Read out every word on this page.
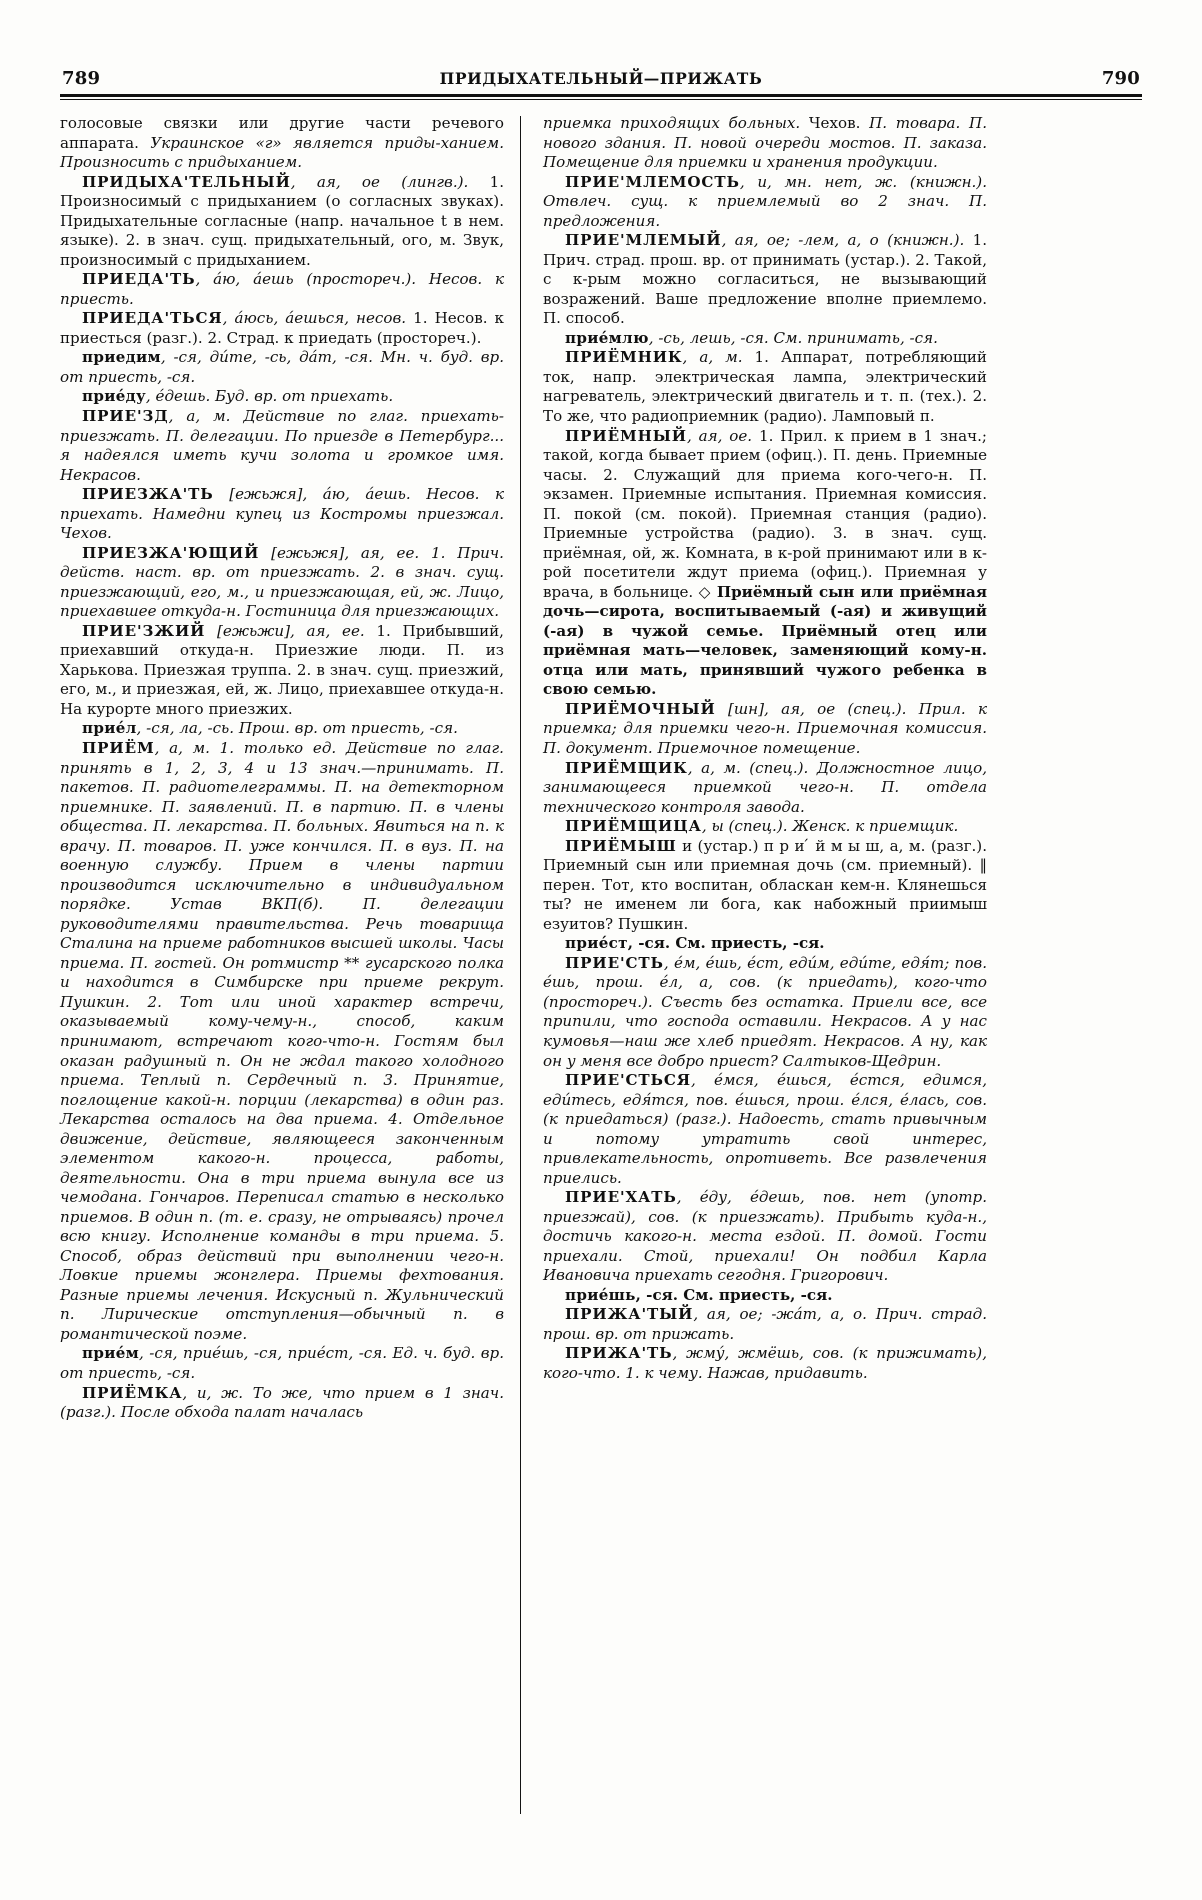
789	ПРИДЫХАТЕЛЬНЫЙ—ПРИЖАТЬ	790

голосовые связки или другие части речевого аппарата. Украинское «г» является приды-ханием. Произносить с придыханием.

ПРИДЫХА'ТЕЛЬНЫЙ, ая, ое (лингв.). 1. Произносимый с придыханием (о согласных звуках). Придыхательные согласные (напр. начальное t в нем. языке). 2. в знач. сущ. придыхательный, ого, м. Звук, произносимый с придыханием.

ПРИЕДА'ТЬ, áю, áешь (простореч.). Несов. к приесть.

ПРИЕДА'ТЬСЯ, áюсь, áешься, несов. 1. Несов. к приесться (разг.). 2. Страд. к приедать (простореч.).

приедим, -ся, дúте, -сь, дáт, -ся. Мн. ч. буд. вр. от приесть, -ся.

приéду, éдешь. Буд. вр. от приехать.

ПРИЕ'ЗД, а, м. Действие по глаг. приехать-приезжать. П. делегации. По приезде в Петербург... я надеялся иметь кучи золота и громкое имя. Некрасов.

ПРИЕЗЖА'ТЬ [ежьжя], áю, áешь. Несов. к приехать. Намедни купец из Костромы приезжал. Чехов.

ПРИЕЗЖА'ЮЩИЙ [ежьжя], ая, ее. 1. Прич. действ. наст. вр. от приезжать. 2. в знач. сущ. приезжающий, его, м., и приезжающая, ей, ж. Лицо, приехавшее откуда-н. Гостиница для приезжающих.

ПРИЕ'ЗЖИЙ [ежьжи], ая, ее. 1. Прибывший, приехавший откуда-н. Приезжие люди. П. из Харькова. Приезжая труппа. 2. в знач. сущ. приезжий, его, м., и приезжая, ей, ж. Лицо, приехавшее откуда-н. На курорте много приезжих.

приéл, -ся, ла, -сь. Прош. вр. от приесть, -ся.

ПРИЁМ, а, м. 1. только ед. Действие по глаг. принять в 1, 2, 3, 4 и 13 знач.—принимать. П. пакетов. П. радиотелеграммы. П. на детекторном приемнике. П. заявлений. П. в партию. П. в члены общества. П. лекарства. П. больных. Явиться на п. к врачу. П. товаров. П. уже кончился. П. в вуз. П. на военную службу. Прием в члены партии производится исключительно в индивидуальном порядке. Устав ВКП(б). П. делегации руководителями правительства. Речь товарища Сталина на приеме работников высшей школы. Часы приема. П. гостей. Он ротмистр ** гусарского полка и находится в Симбирске при приеме рекрут. Пушкин. 2. Тот или иной характер встречи, оказываемый кому-чему-н., способ, каким принимают, встречают кого-что-н. Гостям был оказан радушный п. Он не ждал такого холодного приема. Теплый п. Сердечный п. 3. Принятие, поглощение какой-н. порции (лекарства) в один раз. Лекарства осталось на два приема. 4. Отдельное движение, действие, являющееся законченным элементом какого-н. процесса, работы, деятельности. Она в три приема вынула все из чемодана. Гончаров. Переписал статью в несколько приемов. В один п. (т. е. сразу, не отрываясь) прочел всю книгу. Исполнение команды в три приема. 5. Способ, образ действий при выполнении чего-н. Ловкие приемы жонглера. Приемы фехтования. Разные приемы лечения. Искусный п. Жульнический п. Лирические отступления—обычный п. в романтической поэме.

приéм, -ся, приéшь, -ся, приéст, -ся. Ед. ч. буд. вр. от приесть, -ся.

ПРИЁМКА, и, ж. То же, что прием в 1 знач. (разг.). После обхода палат началась

приемка приходящих больных. Чехов. П. товара. П. нового здания. П. новой очереди мостов. П. заказа. Помещение для приемки и хранения продукции.

ПРИЕ'МЛЕМОСТЬ, и, мн. нет, ж. (книжн.). Отвлеч. сущ. к приемлемый во 2 знач. П. предложения.

ПРИЕ'МЛЕМЫЙ, ая, ое; -лем, а, о (книжн.). 1. Прич. страд. прош. вр. от принимать (устар.). 2. Такой, с к-рым можно согласиться, не вызывающий возражений. Ваше предложение вполне приемлемо. П. способ.

приéмлю, -сь, лешь, -ся. См. принимать, -ся.

ПРИЁМНИК, а, м. 1. Аппарат, потребляющий ток, напр. электрическая лампа, электрический нагреватель, электрический двигатель и т. п. (тех.). 2. То же, что радиоприемник (радио). Ламповый п.

ПРИЁМНЫЙ, ая, ое. 1. Прил. к прием в 1 знач.; такой, когда бывает прием (офиц.). П. день. Приемные часы. 2. Служащий для приема кого-чего-н. П. экзамен. Приемные испытания. Приемная комиссия. П. покой (см. покой). Приемная станция (радио). Приемные устройства (радио). 3. в знач. сущ. приёмная, ой, ж. Комната, в к-рой принимают или в к-рой посетители ждут приема (офиц.). Приемная у врача, в больнице. ◇ Приёмный сын или приёмная дочь—сирота, воспитываемый (-ая) и живущий (-ая) в чужой семье. Приёмный отец или приёмная мать—человек, заменяющий кому-н. отца или мать, принявший чужого ребенка в свою семью.

ПРИЁМОЧНЫЙ [шн], ая, ое (спец.). Прил. к приемка; для приемки чего-н. Приемочная комиссия. П. документ. Приемочное помещение.

ПРИЁМЩИК, а, м. (спец.). Должностное лицо, занимающееся приемкой чего-н. П. отдела технического контроля завода.

ПРИЁМЩИЦА, ы (спец.). Женск. к приемщик.

ПРИЁМЫШ и (устар.) п р и ́ й м ы ш, а, м. (разг.). Приемный сын или приемная дочь (см. приемный). ‖ перен. Тот, кто воспитан, обласкан кем-н. Клянешься ты? не именем ли бога, как набожный приимыш езуитов? Пушкин.

приéст, -ся. См. приесть, -ся.

ПРИЕ'СТЬ, éм, éшь, éст, едúм, едúте, едя́т; пов. éшь, прош. éл, а, сов. (к приедать), кого-что (простореч.). Съесть без остатка. Приели все, все припили, что господа оставили. Некрасов. А у нас кумовья—наш же хлеб приедят. Некрасов. А ну, как он у меня все добро приест? Салтыков-Щедрин.

ПРИЕ'СТЬСЯ, éмся, éшься, éстся, едимся, едúтесь, едя́тся, пов. éшься, прош. éлся, éлась, сов. (к приедаться) (разг.). Надоесть, стать привычным и потому утратить свой интерес, привлекательность, опротиветь. Все развлечения приелись.

ПРИЕ'ХАТЬ, éду, éдешь, пов. нет (употр. приезжай), сов. (к приезжать). Прибыть куда-н., достичь какого-н. места ездой. П. домой. Гости приехали. Стой, приехали! Он подбил Карла Ивановича приехать сегодня. Григорович.

приéшь, -ся. См. приесть, -ся.

ПРИЖА'ТЫЙ, ая, ое; -жáт, а, о. Прич. страд. прош. вр. от прижать.

ПРИЖА'ТЬ, жму́, жмёшь, сов. (к прижимать), кого-что. 1. к чему. Нажав, придавить.
